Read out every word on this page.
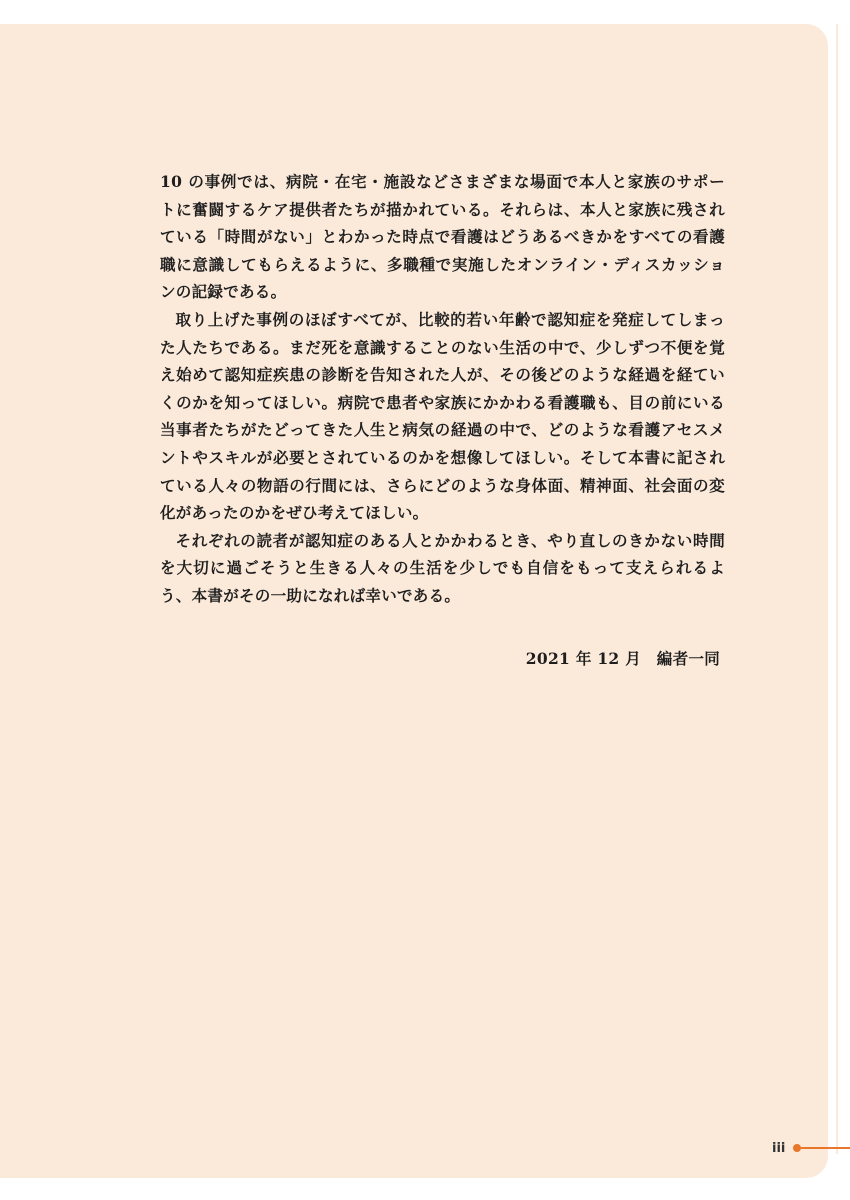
10 の事例では、病院・在宅・施設などさまざまな場面で本人と家族のサポートに奮闘するケア提供者たちが描かれている。それらは、本人と家族に残されている「時間がない」とわかった時点で看護はどうあるべきかをすべての看護職に意識してもらえるように、多職種で実施したオンライン・ディスカッションの記録である。

取り上げた事例のほぼすべてが、比較的若い年齢で認知症を発症してしまった人たちである。まだ死を意識することのない生活の中で、少しずつ不便を覚え始めて認知症疾患の診断を告知された人が、その後どのような経過を経ていくのかを知ってほしい。病院で患者や家族にかかわる看護職も、目の前にいる当事者たちがたどってきた人生と病気の経過の中で、どのような看護アセスメントやスキルが必要とされているのかを想像してほしい。そして本書に記されている人々の物語の行間には、さらにどのような身体面、精神面、社会面の変化があったのかをぜひ考えてほしい。

それぞれの読者が認知症のある人とかかわるとき、やり直しのきかない時間を大切に過ごそうと生きる人々の生活を少しでも自信をもって支えられるよう、本書がその一助になれば幸いである。

2021 年 12 月　編者一同
iii
